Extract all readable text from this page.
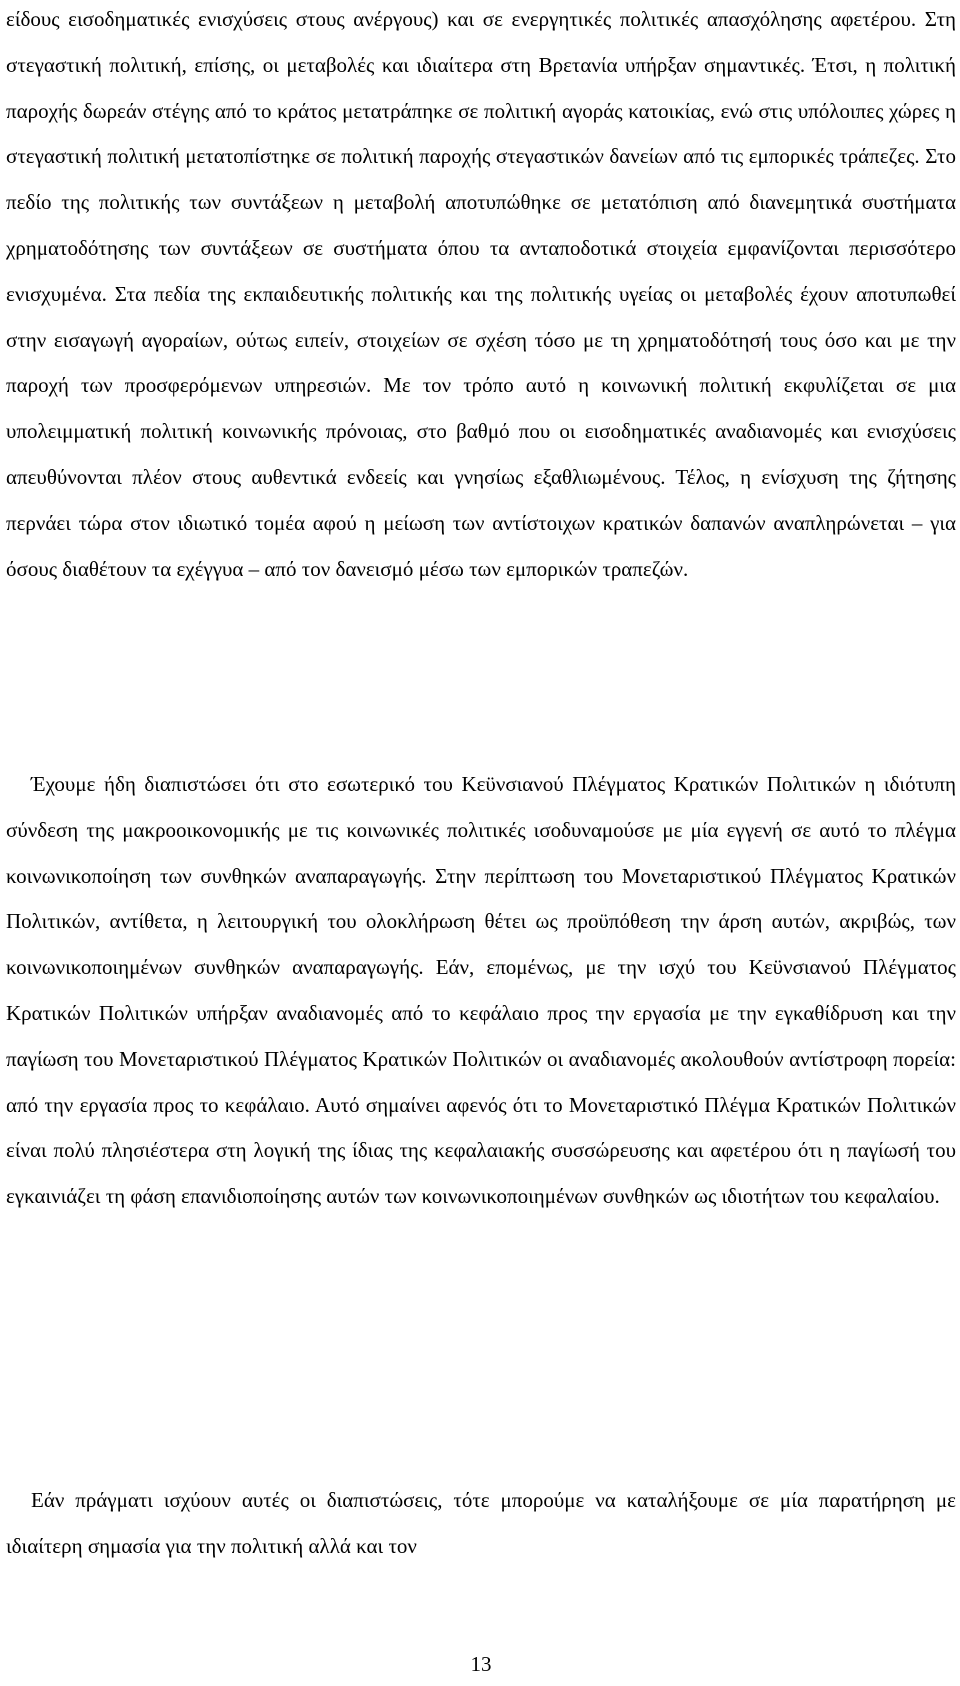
είδους εισοδηματικές ενισχύσεις στους ανέργους) και σε ενεργητικές πολιτικές απασχόλησης αφετέρου. Στη στεγαστική πολιτική, επίσης, οι μεταβολές και ιδιαίτερα στη Βρετανία υπήρξαν σημαντικές. Έτσι, η πολιτική παροχής δωρεάν στέγης από το κράτος μετατράπηκε σε πολιτική αγοράς κατοικίας, ενώ στις υπόλοιπες χώρες η στεγαστική πολιτική μετατοπίστηκε σε πολιτική παροχής στεγαστικών δανείων από τις εμπορικές τράπεζες. Στο πεδίο της πολιτικής των συντάξεων η μεταβολή αποτυπώθηκε σε μετατόπιση από διανεμητικά συστήματα χρηματοδότησης των συντάξεων σε συστήματα όπου τα ανταποδοτικά στοιχεία εμφανίζονται περισσότερο ενισχυμένα. Στα πεδία της εκπαιδευτικής πολιτικής και της πολιτικής υγείας οι μεταβολές έχουν αποτυπωθεί στην εισαγωγή αγοραίων, ούτως ειπείν, στοιχείων σε σχέση τόσο με τη χρηματοδότησή τους όσο και με την παροχή των προσφερόμενων υπηρεσιών. Με τον τρόπο αυτό η κοινωνική πολιτική εκφυλίζεται σε μια υπολειμματική πολιτική κοινωνικής πρόνοιας, στο βαθμό που οι εισοδηματικές αναδιανομές και ενισχύσεις απευθύνονται πλέον στους αυθεντικά ενδεείς και γνησίως εξαθλιωμένους. Τέλος, η ενίσχυση της ζήτησης περνάει τώρα στον ιδιωτικό τομέα αφού η μείωση των αντίστοιχων κρατικών δαπανών αναπληρώνεται – για όσους διαθέτουν τα εχέγγυα – από τον δανεισμό μέσω των εμπορικών τραπεζών.

Έχουμε ήδη διαπιστώσει ότι στο εσωτερικό του Κεϋνσιανού Πλέγματος Κρατικών Πολιτικών η ιδιότυπη σύνδεση της μακροοικονομικής με τις κοινωνικές πολιτικές ισοδυναμούσε με μία εγγενή σε αυτό το πλέγμα κοινωνικοποίηση των συνθηκών αναπαραγωγής. Στην περίπτωση του Μονεταριστικού Πλέγματος Κρατικών Πολιτικών, αντίθετα, η λειτουργική του ολοκλήρωση θέτει ως προϋπόθεση την άρση αυτών, ακριβώς, των κοινωνικοποιημένων συνθηκών αναπαραγωγής. Εάν, επομένως, με την ισχύ του Κεϋνσιανού Πλέγματος Κρατικών Πολιτικών υπήρξαν αναδιανομές από το κεφάλαιο προς την εργασία με την εγκαθίδρυση και την παγίωση του Μονεταριστικού Πλέγματος Κρατικών Πολιτικών οι αναδιανομές ακολουθούν αντίστροφη πορεία: από την εργασία προς το κεφάλαιο. Αυτό σημαίνει αφενός ότι το Μονεταριστικό Πλέγμα Κρατικών Πολιτικών είναι πολύ πλησιέστερα στη λογική της ίδιας της κεφαλαιακής συσσώρευσης και αφετέρου ότι η παγίωσή του εγκαινιάζει τη φάση επανιδιοποίησης αυτών των κοινωνικοποιημένων συνθηκών ως ιδιοτήτων του κεφαλαίου.

Εάν πράγματι ισχύουν αυτές οι διαπιστώσεις, τότε μπορούμε να καταλήξουμε σε μία παρατήρηση με ιδιαίτερη σημασία για την πολιτική αλλά και τον

13
